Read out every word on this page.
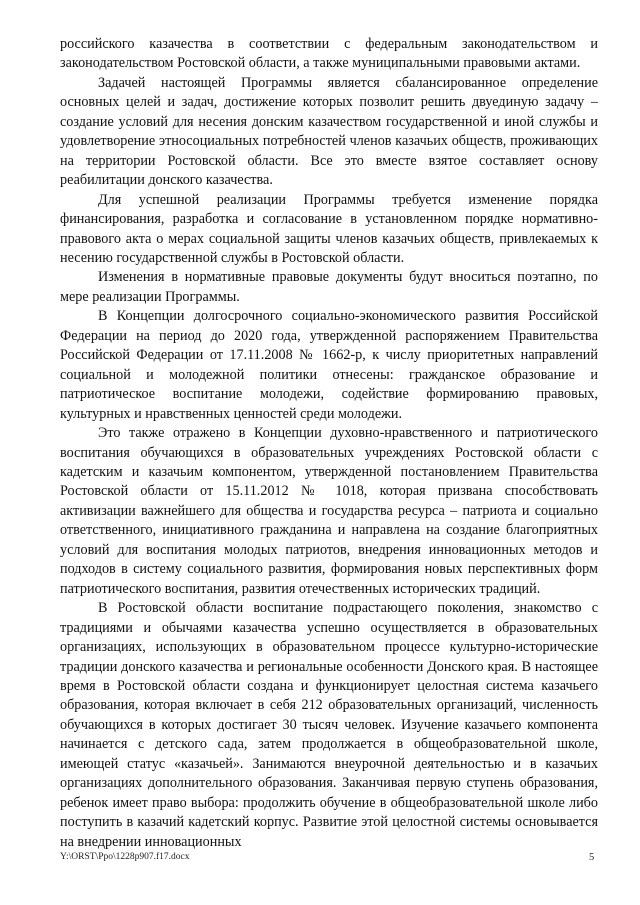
российского казачества в соответствии с федеральным законодательством и законодательством Ростовской области, а также муниципальными правовыми актами.

Задачей настоящей Программы является сбалансированное определение основных целей и задач, достижение которых позволит решить двуединую задачу – создание условий для несения донским казачеством государственной и иной службы и удовлетворение этносоциальных потребностей членов казачьих обществ, проживающих на территории Ростовской области. Все это вместе взятое составляет основу реабилитации донского казачества.

Для успешной реализации Программы требуется изменение порядка финансирования, разработка и согласование в установленном порядке нормативно-правового акта о мерах социальной защиты членов казачьих обществ, привлекаемых к несению государственной службы в Ростовской области.

Изменения в нормативные правовые документы будут вноситься поэтапно, по мере реализации Программы.

В Концепции долгосрочного социально-экономического развития Российской Федерации на период до 2020 года, утвержденной распоряжением Правительства Российской Федерации от 17.11.2008 № 1662-р, к числу приоритетных направлений социальной и молодежной политики отнесены: гражданское образование и патриотическое воспитание молодежи, содействие формированию правовых, культурных и нравственных ценностей среди молодежи.

Это также отражено в Концепции духовно-нравственного и патриотического воспитания обучающихся в образовательных учреждениях Ростовской области с кадетским и казачьим компонентом, утвержденной постановлением Правительства Ростовской области от 15.11.2012 № 1018, которая призвана способствовать активизации важнейшего для общества и государства ресурса – патриота и социально ответственного, инициативного гражданина и направлена на создание благоприятных условий для воспитания молодых патриотов, внедрения инновационных методов и подходов в систему социального развития, формирования новых перспективных форм патриотического воспитания, развития отечественных исторических традиций.

В Ростовской области воспитание подрастающего поколения, знакомство с традициями и обычаями казачества успешно осуществляется в образовательных организациях, использующих в образовательном процессе культурно-исторические традиции донского казачества и региональные особенности Донского края. В настоящее время в Ростовской области создана и функционирует целостная система казачьего образования, которая включает в себя 212 образовательных организаций, численность обучающихся в которых достигает 30 тысяч человек. Изучение казачьего компонента начинается с детского сада, затем продолжается в общеобразовательной школе, имеющей статус «казачьей». Занимаются внеурочной деятельностью и в казачьих организациях дополнительного образования. Заканчивая первую ступень образования, ребенок имеет право выбора: продолжить обучение в общеобразовательной школе либо поступить в казачий кадетский корпус. Развитие этой целостной системы основывается на внедрении инновационных

Y:\ORST\Ppo\1228p907.f17.docx	5
